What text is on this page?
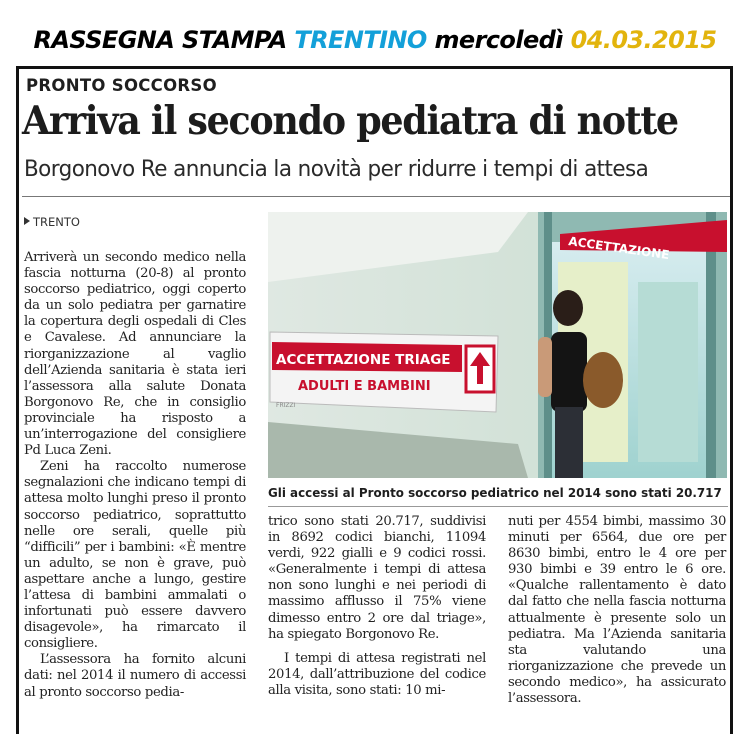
RASSEGNA STAMPA TRENTINO mercoledì 04.03.2015
PRONTO SOCCORSO
Arriva il secondo pediatra di notte
Borgonovo Re annuncia la novità per ridurre i tempi di attesa
TRENTO

Arriverà un secondo medico nella fascia notturna (20-8) al pronto soccorso pediatrico, oggi coperto da un solo pediatra per garnatire la copertura degli ospedali di Cles e Cavalese. Ad annunciare la riorganizzazione al vaglio dell’Azienda sanitaria è stata ieri l’assessora alla salute Donata Borgonovo Re, che in consiglio provinciale ha risposto a un’interrogazione del consigliere Pd Luca Zeni.

Zeni ha raccolto numerose segnalazioni che indicano tempi di attesa molto lunghi preso il pronto soccorso pediatrico, soprattutto nelle ore serali, quelle più “difficili” per i bambini: «È mentre un adulto, se non è grave, può aspettare anche a lungo, gestire l’attesa di bambini ammalati o infortunati può essere davvero disagevole», ha rimarcato il consigliere.

L’assessora ha fornito alcuni dati: nel 2014 il numero di accessi al pronto soccorso pedia-

ACCETTAZIONE
ACCETTAZIONE TRIAGE
ADULTI E BAMBINI
FRIZZI
Gli accessi al Pronto soccorso pediatrico nel 2014 sono stati 20.717

trico sono stati 20.717, suddivisi in 8692 codici bianchi, 11094 verdi, 922 gialli e 9 codici rossi. «Generalmente i tempi di attesa non sono lunghi e nei periodi di massimo afflusso il 75% viene dimesso entro 2 ore dal triage», ha spiegato Borgonovo Re.

I tempi di attesa registrati nel 2014, dall’attribuzione del codice alla visita, sono stati: 10 mi-

nuti per 4554 bimbi, massimo 30 minuti per 6564, due ore per 8630 bimbi, entro le 4 ore per 930 bimbi e 39 entro le 6 ore. «Qualche rallentamento è dato dal fatto che nella fascia notturna attualmente è presente solo un pediatra. Ma l’Azienda sanitaria sta valutando una riorganizzazione che prevede un secondo medico», ha assicurato l’assessora.
